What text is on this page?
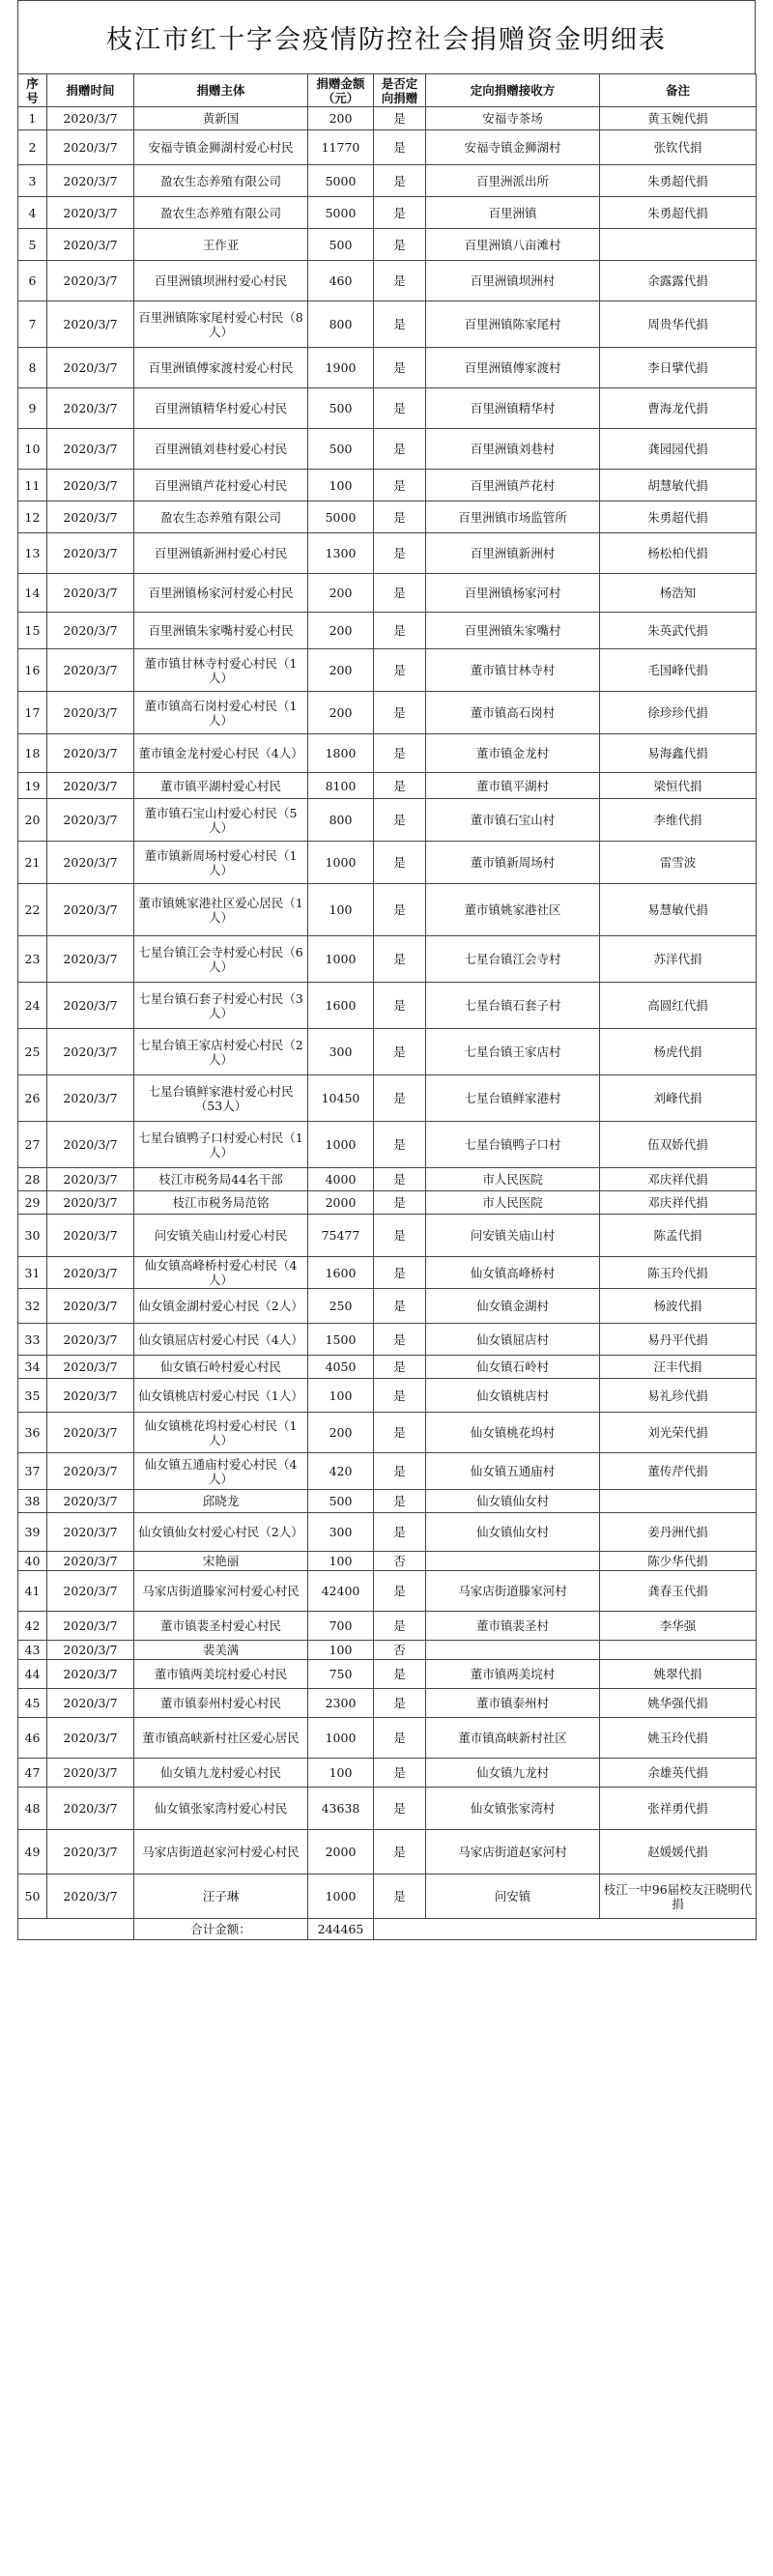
枝江市红十字会疫情防控社会捐赠资金明细表
序号	捐赠时间	捐赠主体	捐赠金额（元）	是否定向捐赠	定向捐赠接收方	备注
1	2020/3/7	黄新国	200	是	安福寺茶场	黄玉婉代捐
2	2020/3/7	安福寺镇金狮湖村爱心村民	11770	是	安福寺镇金狮湖村	张钦代捐
3	2020/3/7	盈农生态养殖有限公司	5000	是	百里洲派出所	朱勇超代捐
4	2020/3/7	盈农生态养殖有限公司	5000	是	百里洲镇	朱勇超代捐
5	2020/3/7	王作亚	500	是	百里洲镇八亩滩村	
6	2020/3/7	百里洲镇坝洲村爱心村民	460	是	百里洲镇坝洲村	余露露代捐
7	2020/3/7	百里洲镇陈家尾村爱心村民（8人）	800	是	百里洲镇陈家尾村	周贵华代捐
8	2020/3/7	百里洲镇傅家渡村爱心村民	1900	是	百里洲镇傅家渡村	李日擘代捐
9	2020/3/7	百里洲镇精华村爱心村民	500	是	百里洲镇精华村	曹海龙代捐
10	2020/3/7	百里洲镇刘巷村爱心村民	500	是	百里洲镇刘巷村	龚园园代捐
11	2020/3/7	百里洲镇芦花村爱心村民	100	是	百里洲镇芦花村	胡慧敏代捐
12	2020/3/7	盈农生态养殖有限公司	5000	是	百里洲镇市场监管所	朱勇超代捐
13	2020/3/7	百里洲镇新洲村爱心村民	1300	是	百里洲镇新洲村	杨松柏代捐
14	2020/3/7	百里洲镇杨家河村爱心村民	200	是	百里洲镇杨家河村	杨浩知
15	2020/3/7	百里洲镇朱家嘴村爱心村民	200	是	百里洲镇朱家嘴村	朱英武代捐
16	2020/3/7	董市镇甘林寺村爱心村民（1人）	200	是	董市镇甘林寺村	毛国峰代捐
17	2020/3/7	董市镇高石岗村爱心村民（1人）	200	是	董市镇高石岗村	徐珍珍代捐
18	2020/3/7	董市镇金龙村爱心村民（4人）	1800	是	董市镇金龙村	易海鑫代捐
19	2020/3/7	董市镇平湖村爱心村民	8100	是	董市镇平湖村	梁恒代捐
20	2020/3/7	董市镇石宝山村爱心村民（5人）	800	是	董市镇石宝山村	李维代捐
21	2020/3/7	董市镇新周场村爱心村民（1人）	1000	是	董市镇新周场村	雷雪波
22	2020/3/7	董市镇姚家港社区爱心居民（1人）	100	是	董市镇姚家港社区	易慧敏代捐
23	2020/3/7	七星台镇江会寺村爱心村民（6人）	1000	是	七星台镇江会寺村	苏洋代捐
24	2020/3/7	七星台镇石套子村爱心村民（3人）	1600	是	七星台镇石套子村	高圆红代捐
25	2020/3/7	七星台镇王家店村爱心村民（2人）	300	是	七星台镇王家店村	杨虎代捐
26	2020/3/7	七星台镇鲜家港村爱心村民（53人）	10450	是	七星台镇鲜家港村	刘峰代捐
27	2020/3/7	七星台镇鸭子口村爱心村民（1人）	1000	是	七星台镇鸭子口村	伍双娇代捐
28	2020/3/7	枝江市税务局44名干部	4000	是	市人民医院	邓庆祥代捐
29	2020/3/7	枝江市税务局范铭	2000	是	市人民医院	邓庆祥代捐
30	2020/3/7	问安镇关庙山村爱心村民	75477	是	问安镇关庙山村	陈孟代捐
31	2020/3/7	仙女镇高峰桥村爱心村民（4人）	1600	是	仙女镇高峰桥村	陈玉玲代捐
32	2020/3/7	仙女镇金湖村爱心村民（2人）	250	是	仙女镇金湖村	杨波代捐
33	2020/3/7	仙女镇屈店村爱心村民（4人）	1500	是	仙女镇屈店村	易丹平代捐
34	2020/3/7	仙女镇石岭村爱心村民	4050	是	仙女镇石岭村	汪丰代捐
35	2020/3/7	仙女镇桃店村爱心村民（1人）	100	是	仙女镇桃店村	易礼珍代捐
36	2020/3/7	仙女镇桃花坞村爱心村民（1人）	200	是	仙女镇桃花坞村	刘光荣代捐
37	2020/3/7	仙女镇五通庙村爱心村民（4人）	420	是	仙女镇五通庙村	董传芹代捐
38	2020/3/7	邱晓龙	500	是	仙女镇仙女村	
39	2020/3/7	仙女镇仙女村爱心村民（2人）	300	是	仙女镇仙女村	姜丹洲代捐
40	2020/3/7	宋艳丽	100	否		陈少华代捐
41	2020/3/7	马家店街道滕家河村爱心村民	42400	是	马家店街道滕家河村	龚春玉代捐
42	2020/3/7	董市镇裴圣村爱心村民	700	是	董市镇裴圣村	李华强
43	2020/3/7	裴美满	100	否		
44	2020/3/7	董市镇两美垸村爱心村民	750	是	董市镇两美垸村	姚翠代捐
45	2020/3/7	董市镇泰州村爱心村民	2300	是	董市镇泰州村	姚华强代捐
46	2020/3/7	董市镇高峡新村社区爱心居民	1000	是	董市镇高峡新村社区	姚玉玲代捐
47	2020/3/7	仙女镇九龙村爱心村民	100	是	仙女镇九龙村	余雄英代捐
48	2020/3/7	仙女镇张家湾村爱心村民	43638	是	仙女镇张家湾村	张祥勇代捐
49	2020/3/7	马家店街道赵家河村爱心村民	2000	是	马家店街道赵家河村	赵媛媛代捐
50	2020/3/7	汪子琳	1000	是	问安镇	枝江一中96届校友汪晓明代捐
		合计金额：	244465			
